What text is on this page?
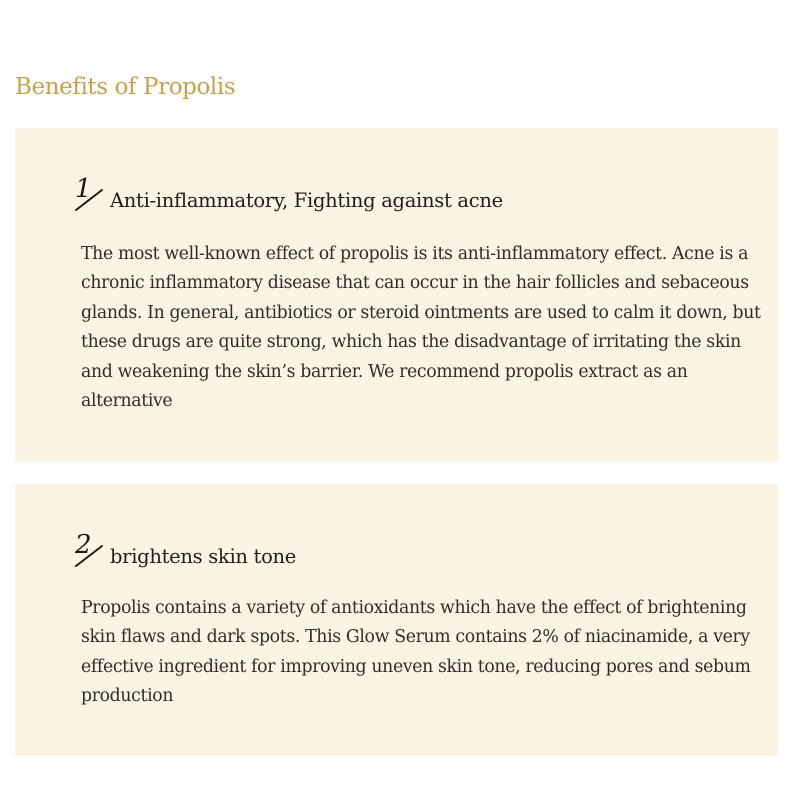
Benefits of Propolis
1 Anti-inflammatory, Fighting against acne

The most well-known effect of propolis is its anti-inflammatory effect. Acne is a chronic inflammatory disease that can occur in the hair follicles and sebaceous glands. In general, antibiotics or steroid ointments are used to calm it down, but these drugs are quite strong, which has the disadvantage of irritating the skin and weakening the skin’s barrier. We recommend propolis extract as an alternative

2 brightens skin tone

Propolis contains a variety of antioxidants which have the effect of brightening skin flaws and dark spots. This Glow Serum contains 2% of niacinamide, a very effective ingredient for improving uneven skin tone, reducing pores and sebum production
